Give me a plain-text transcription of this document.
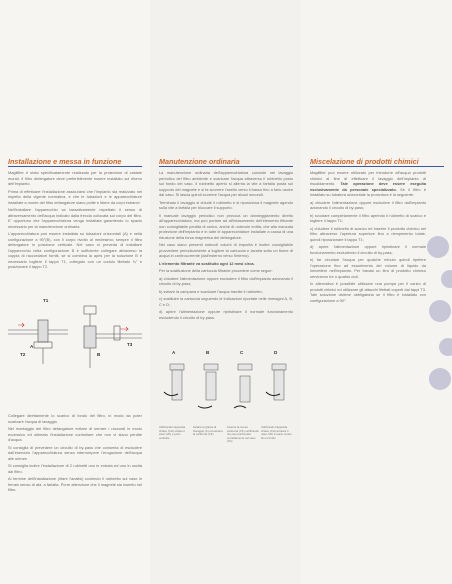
Installazione e messa in funzione

Magifilter è stato specificatamente realizzato per la protezione di caldaie murali. Il filtro defangatore deve preferibilmente essere installato sul ritorno dell'impianto.

Prima di effettuare l'installazione assicurarsi che l'impianto sia realizzato nel rispetto della vigente normativa, e che le tubazioni e le apparecchiature installate a monte del filtro defangatore siano pulite e libere da corpi estranei.

Nell'installare l'apparecchio va tassativamente rispettato il senso di attraversamento dell'acqua indicato dalla freccia collocata sul corpo del filtro. E' opportuno che l'apparecchiatura venga installata garantendo lo spazio necessario per la manutenzione ordinaria.

L'apparecchiatura può essere installata su tubazioni orizzontali (A) e nella configurazione a 90°(B), con il corpo rivolto al medesimo; sempre il filtro defangatore in posizione verticale. Nel caso si preveda di installare l'apparecchio nella configurazione B è sufficiente collegare attraverso la coppia di raccordatori forniti, se si combina la apris per la soluzione B è necessario togliere il tappo T1, collegato con un codulo filettato ¾" e posizionare il tappo T2.

T1
A
T2
T3
B

Collegare direttamente lo scarico di fondo del filtro, in modo da poter scaricare l'acqua di lavaggio.

Nel montaggio del filtro defangatore evitare di serrare i raccordi in modo eccessivo ed ultimata l'installazione controllare che non vi siano perdite d'acqua.

Si consiglia di prevedere un circuito di by-pass che consenta di escludere dall'esercizio l'apparecchiatura senza interrompere l'erogazione dell'acqua alle utenze.

Si consiglia inoltre l'installazione di 2 rubinetti uno in entrata ed uno in uscita dal filtro.

Al termine dell'installazione (rifare l'analisi) svolendo il rubinetto sul vaso in ferrain senso di ata. a farlalta. Porre attenzione che il magnete sia inserito nel filtro.

Manutenzione ordinaria

La manutenzione ordinaria dell'apparecchiatura consiste nel lavaggio periodico del filtro ambiente e scaricare l'acqua attraverso il rubinetto posto sul fondo del vaso. Il rubinetto aperto si allenta la vite a farfalla posta sul supporto del magnete e si fa scorrere l'anello verso il basso fino a farlo uscire dal vaso. Si lascia quindi scorrere l'acqua per alcuni secondi.

Terminato il lavaggio si chiude il rubinetto e si riposiziona il magnete agendo sulla vite a farfalla per bloccare il supporto.

Il manuale lavaggio periodico non provoca un danneggiamento diretto all'apparecchiatura, ma può portare ad all'intasamento dell'elemento filtrante non consigliabile perdita di carico, anche di notevole entità, che alla mancata protezione dell'impianto e in tutte le apparecchiature installate a causa di una riduzione della forza magnetica del defangatore.

Nel caso siano presenti notevoli volumi di impurità è inoltre consigliabile provvedere periodicamente a togliere la cartuccia e lavarla sotto un fiume di acqua in controcorrente (dall'esterno verso l'interno).

L'elemento filtrante va sostituito ogni 12 mesi circa.

Per la sostituzione della cartuccia filtrante procedere come segue:

a) chiudere l'alimentazione oppure escludere il filtro dall'impianto azionando il circuito di by-pass;

b) svitare la campana e scaricare l'acqua tramite il rubinetto;

c) sostituire la cartuccia seguendo le indicazioni riportate nelle immagini A, B, C e D;

d) aprire l'alimentazione oppure ripristinare il normale funzionamento escludendo il circuito di by-pass.

A	B	C	D
Utilizzando l'apposita chiave (CH) svitare il vaso (VA) e porlo verticale
Svitare la ghiera di fissaggio (C) ed estrarre la cartuccia (CF)
Inserire la nuova cartuccia (CF) verificando che sia posizionata correttamente nel vaso (VA)
Utilizzando l'apposita chiave (CH) avvitare il vaso (VA) a mano contro fino a fondo
Miscelazione di prodotti chimici

Magifilter può essere utilizzato per introdurre all'acqua prodotti chimici al fine di effettuare il lavaggio dell'impianto di riscaldamento. Tale operazione deve essere eseguita esclusivamente da personale specializzato. Se il filtro è installato su tubatura orizzontale la procedura è la seguente:

a) chiudere l'alimentazione oppure escludere il filtro dall'impianto azionando il circuito di by-pass;

b) svuotare completamente il filtro aprendo il rubinetto di scarico e togliere il tappo T1;

c) chiudere il rubinetto di scarico ed inserire il prodotto chimico nel filtro attraverso l'apertura superiore fino a riempimento totale, quindi riposizionare il tappo T1;

d) aprire l'alimentazione oppure ripristinare il normale funzionamento escludendo il circuito di by-pass;

e) far circolare l'acqua per qualche minuto quindi ripetere l'operazione fino ad esaurimento del volume di liquido da immettere nell'impianto. Per travasi un litro di prodotto chimico serviranno tre o quattro cicli.

In alternativa è possibile utilizzare una pompa per il carico di prodotti chimici ed utilizzare gli attacchi filettati coperti dai tappi T3. Tale soluzione diviene obbligatoria se il filtro è installato con configurazione a 90°.
